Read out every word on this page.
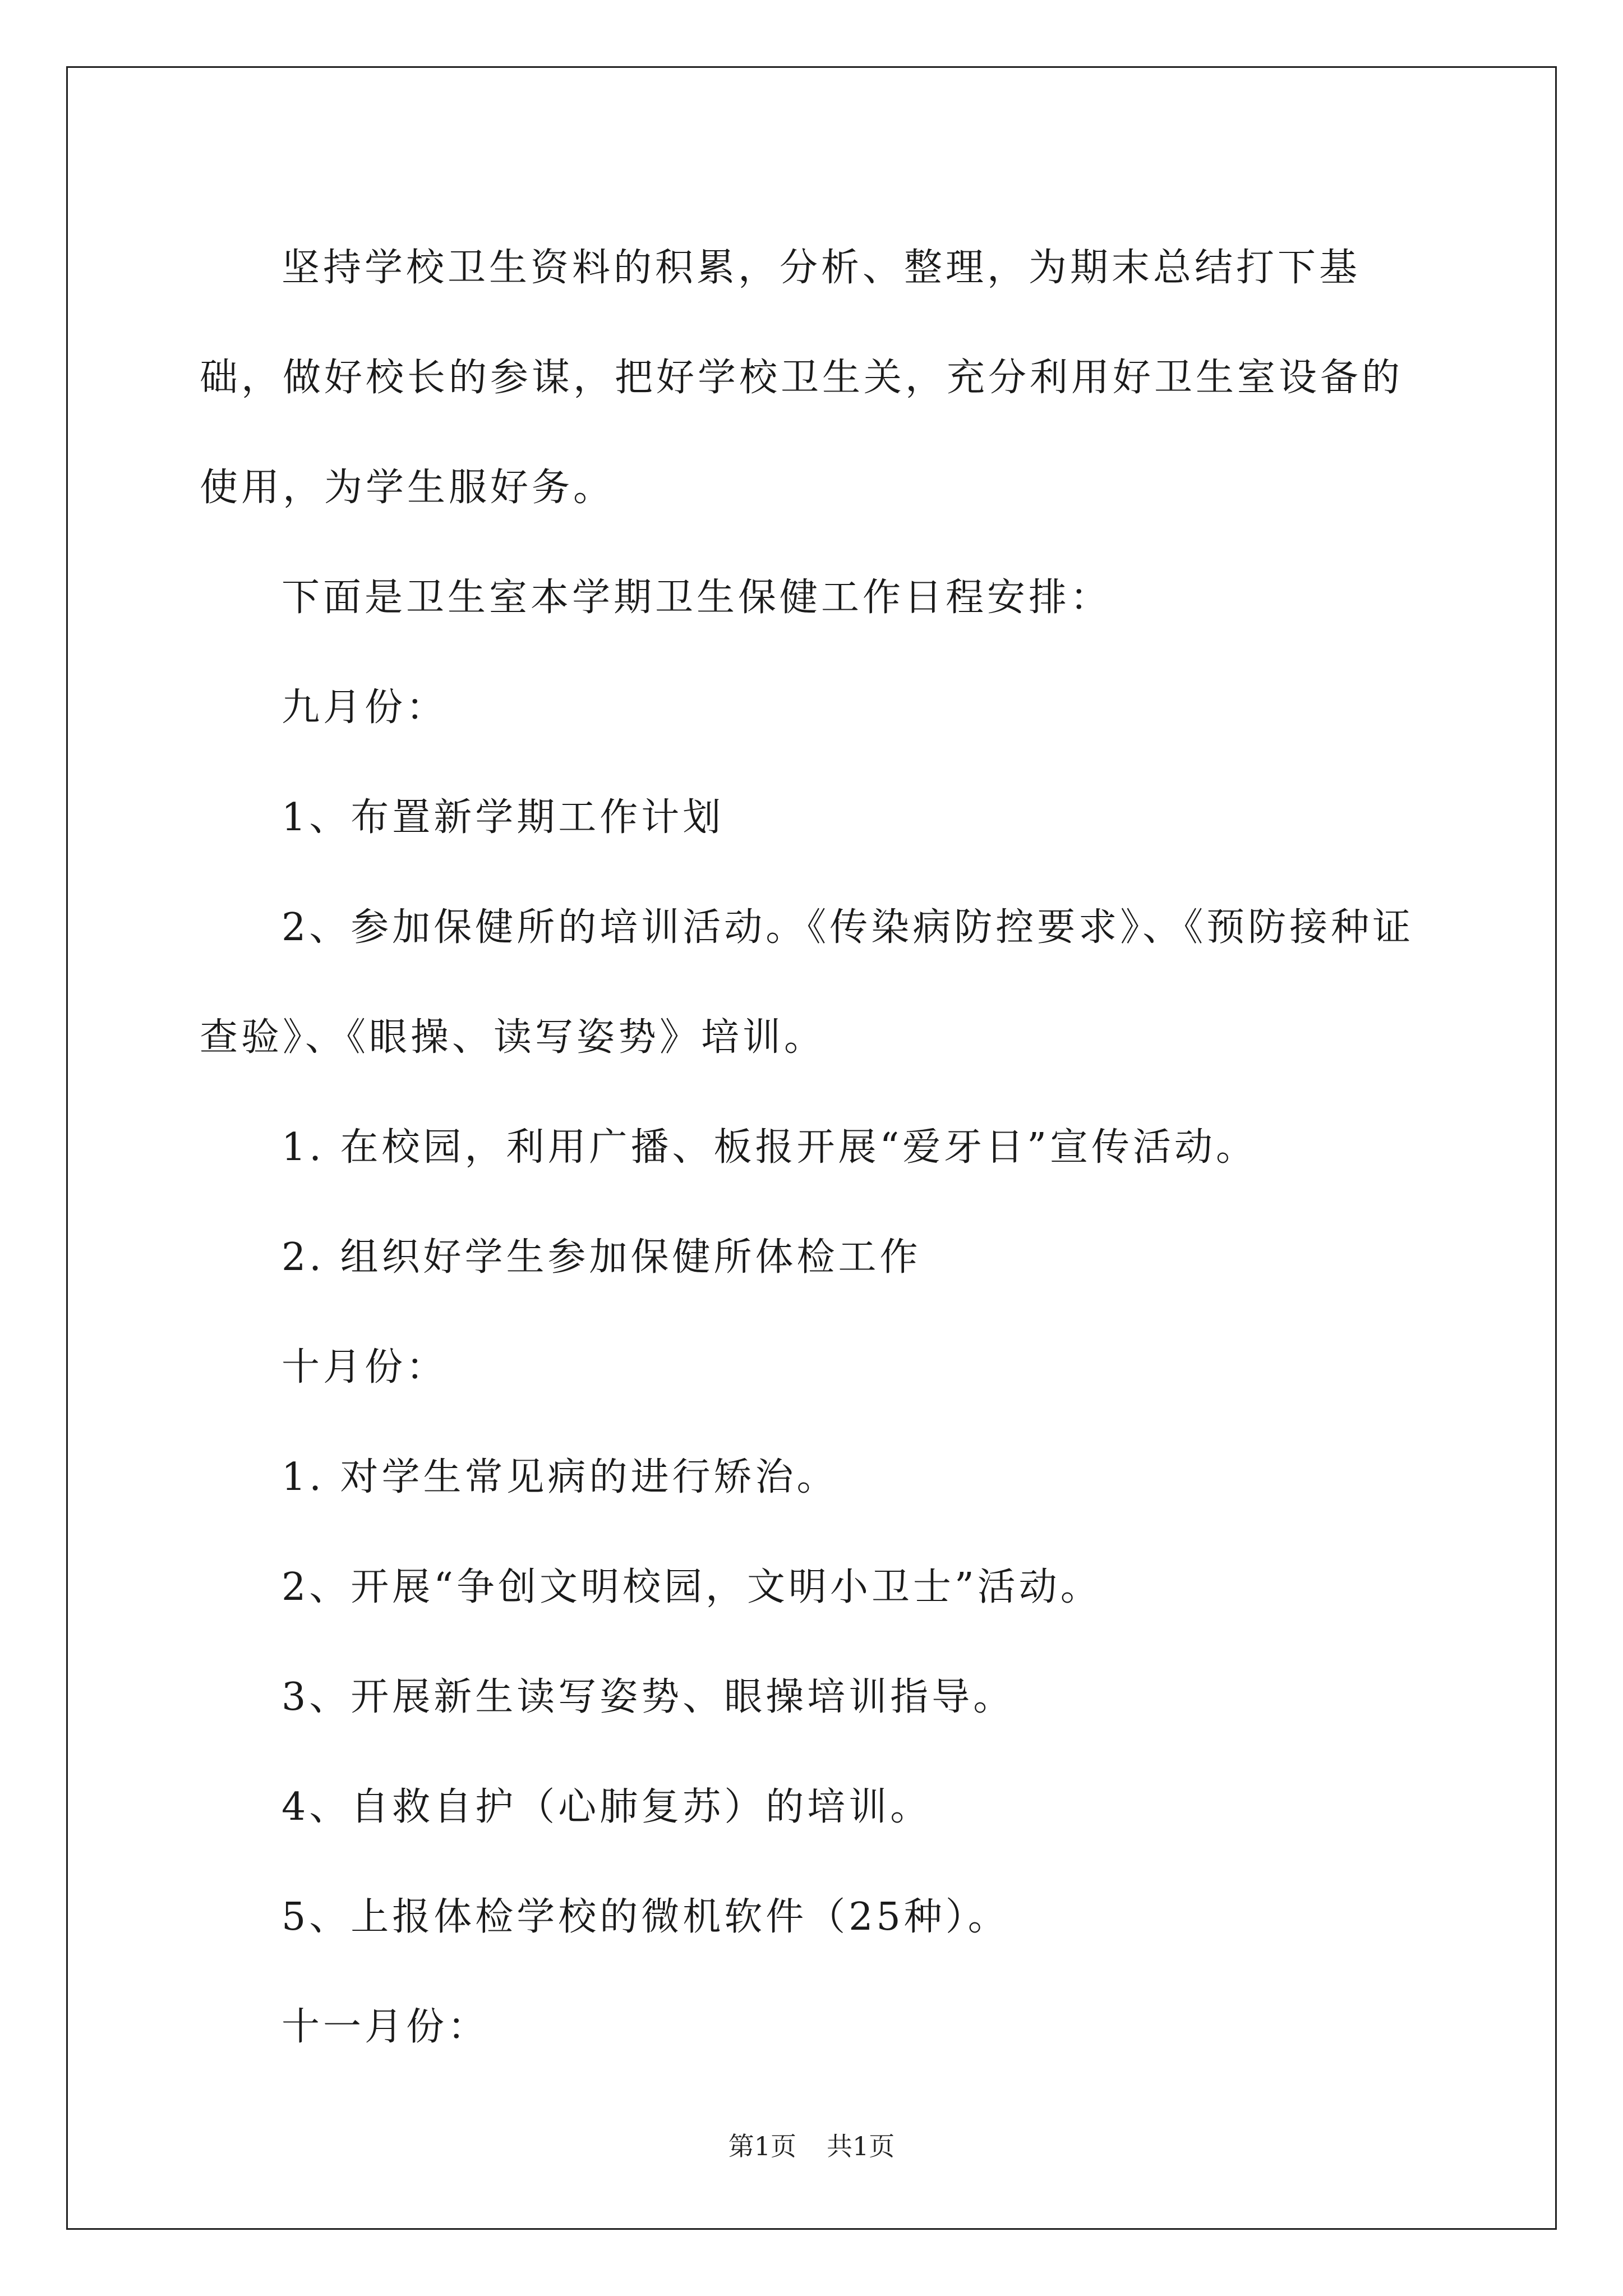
坚持学校卫生资料的积累，分析、整理，为期末总结打下基础，做好校长的参谋，把好学校卫生关，充分利用好卫生室设备的使用，为学生服好务。

下面是卫生室本学期卫生保健工作日程安排：

九月份：

1、布置新学期工作计划

2、参加保健所的培训活动。《传染病防控要求》、《预防接种证查验》、《眼操、读写姿势》培训。

1. 在校园，利用广播、板报开展“爱牙日”宣传活动。

2. 组织好学生参加保健所体检工作

十月份：

1. 对学生常见病的进行矫治。

2、开展“争创文明校园，文明小卫士”活动。

3、开展新生读写姿势、眼操培训指导。

4、自救自护（心肺复苏）的培训。

5、上报体检学校的微机软件（25种）。

十一月份：

第1页 共1页
